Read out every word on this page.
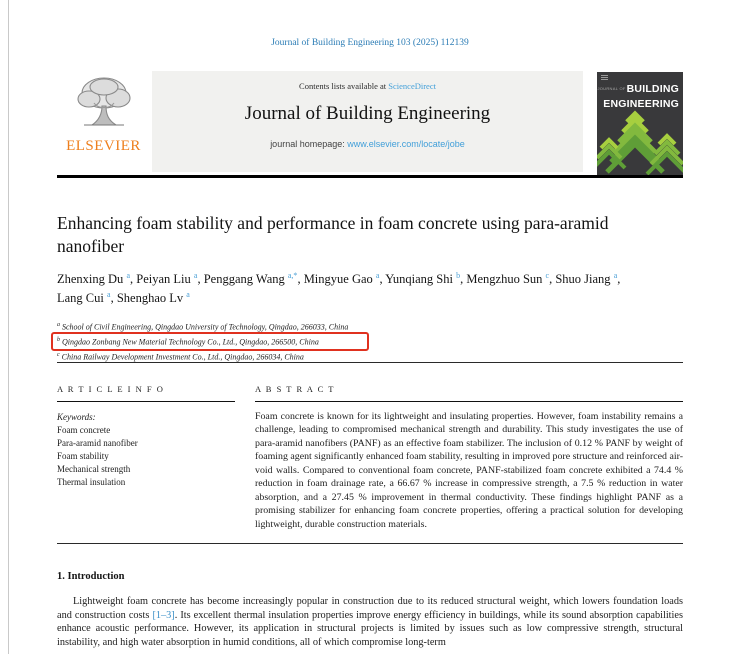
Journal of Building Engineering 103 (2025) 112139
ELSEVIER
Contents lists available at ScienceDirect
Journal of Building Engineering
journal homepage: www.elsevier.com/locate/jobe
JOURNAL OFBUILDING
ENGINEERING
Enhancing foam stability and performance in foam concrete using para-aramid nanofiber
Zhenxing Du $^a$, Peiyan Liu $^a$, Penggang Wang $^{a,*}$, Mingyue Gao $^a$, Yunqiang Shi $^b$, Mengzhuo Sun $^c$, Shuo Jiang $^a$, Lang Cui $^a$, Shenghao Lv $^a$
$^a$ School of Civil Engineering, Qingdao University of Technology, Qingdao, 266033, China
$^b$ Qingdao Zonbang New Material Technology Co., Ltd., Qingdao, 266500, China
$^c$ China Railway Development Investment Co., Ltd., Qingdao, 266034, China
A R T I C L E I N F O
Keywords:
Foam concrete
Para-aramid nanofiber
Foam stability
Mechanical strength
Thermal insulation
A B S T R A C T
Foam concrete is known for its lightweight and insulating properties. However, foam instability remains a challenge, leading to compromised mechanical strength and durability. This study investigates the use of para-aramid nanofibers (PANF) as an effective foam stabilizer. The inclusion of 0.12 % PANF by weight of foaming agent significantly enhanced foam stability, resulting in improved pore structure and reinforced air-void walls. Compared to conventional foam concrete, PANF-stabilized foam concrete exhibited a 74.4 % reduction in foam drainage rate, a 66.67 % increase in compressive strength, a 7.5 % reduction in water absorption, and a 27.45 % improvement in thermal conductivity. These findings highlight PANF as a promising stabilizer for enhancing foam concrete properties, offering a practical solution for developing lightweight, durable construction materials.
1. Introduction

Lightweight foam concrete has become increasingly popular in construction due to its reduced structural weight, which lowers foundation loads and construction costs [1–3]. Its excellent thermal insulation properties improve energy efficiency in buildings, while its sound absorption capabilities enhance acoustic performance. However, its application in structural projects is limited by issues such as low compressive strength, structural instability, and high water absorption in humid conditions, all of which compromise long-term
